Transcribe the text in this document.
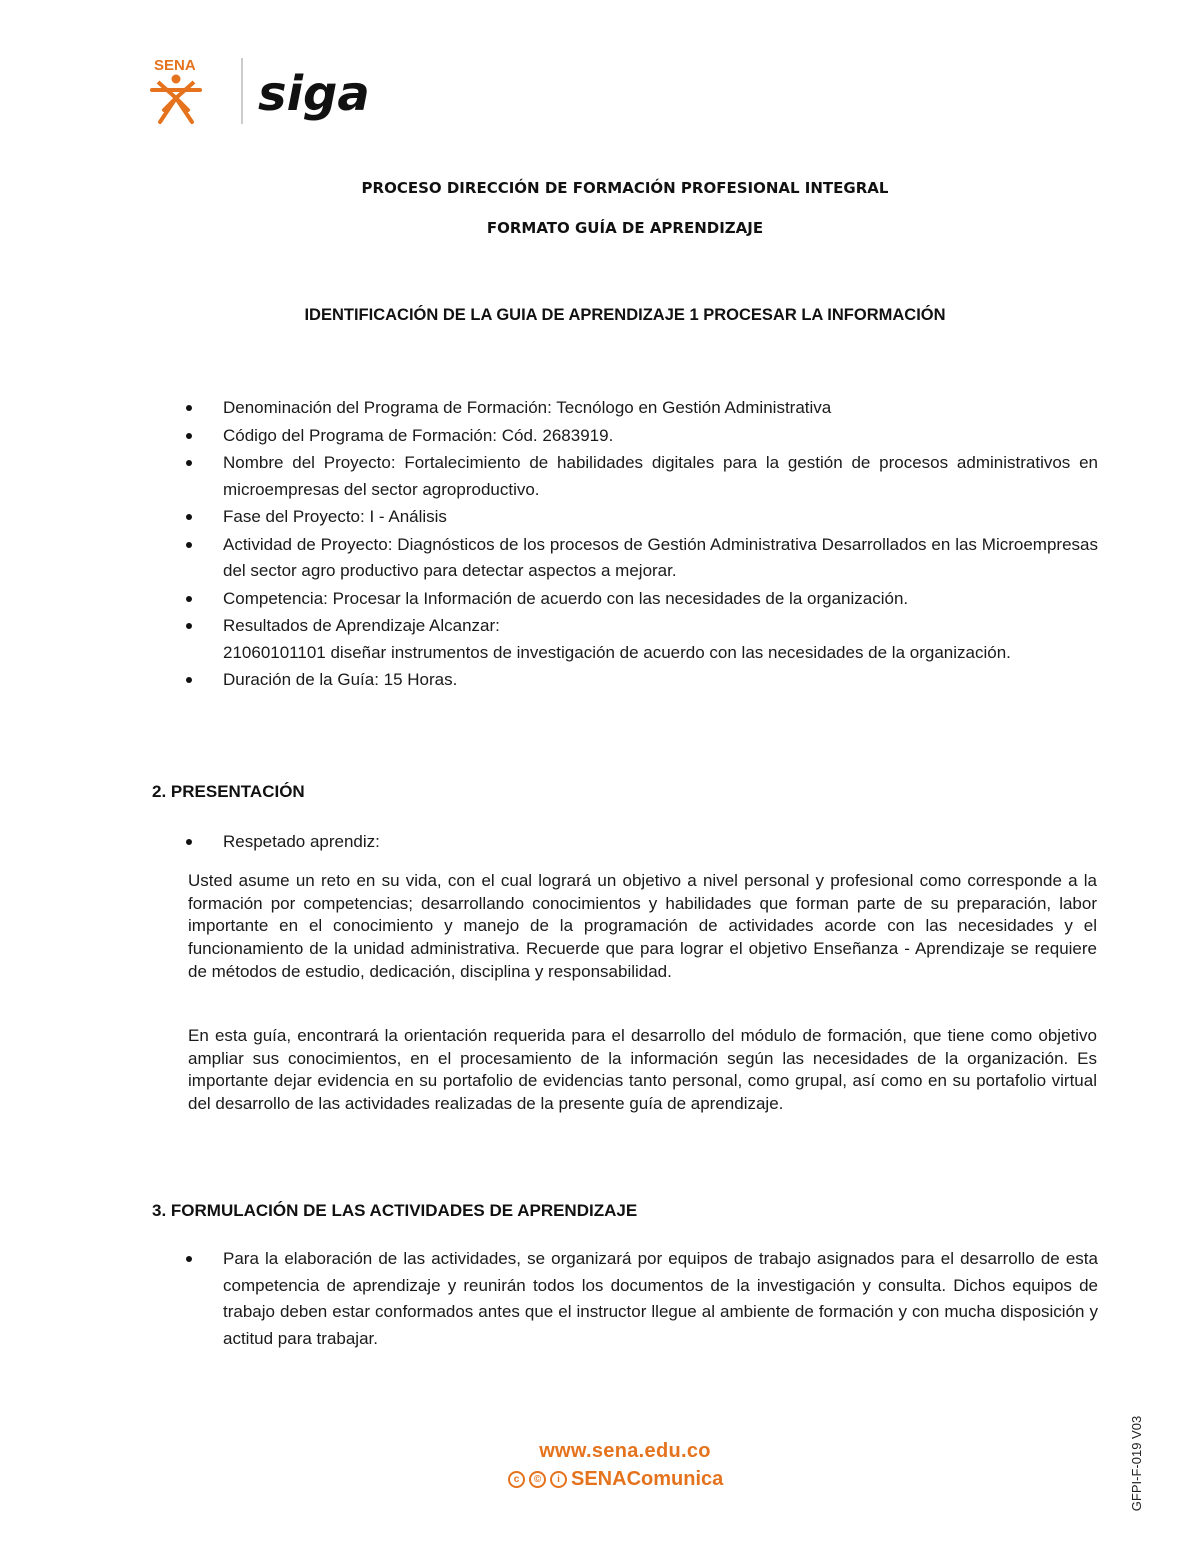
SENA
siga
PROCESO DIRECCIÓN DE FORMACIÓN PROFESIONAL INTEGRAL
FORMATO GUÍA DE APRENDIZAJE
IDENTIFICACIÓN DE LA GUIA DE APRENDIZAJE 1 PROCESAR LA INFORMACIÓN
Denominación del Programa de Formación: Tecnólogo en Gestión Administrativa
Código del Programa de Formación: Cód. 2683919.
Nombre del Proyecto: Fortalecimiento de habilidades digitales para la gestión de procesos administrativos en microempresas del sector agroproductivo.
Fase del Proyecto: I - Análisis
Actividad de Proyecto: Diagnósticos de los procesos de Gestión Administrativa Desarrollados en las Microempresas del sector agro productivo para detectar aspectos a mejorar.
Competencia: Procesar la Información de acuerdo con las necesidades de la organización.
Resultados de Aprendizaje Alcanzar:
21060101101 diseñar instrumentos de investigación de acuerdo con las necesidades de la organización.
Duración de la Guía: 15 Horas.
2. PRESENTACIÓN
Respetado aprendiz:

Usted asume un reto en su vida, con el cual logrará un objetivo a nivel personal y profesional como corresponde a la formación por competencias; desarrollando conocimientos y habilidades que forman parte de su preparación, labor importante en el conocimiento y manejo de la programación de actividades acorde con las necesidades y el funcionamiento de la unidad administrativa. Recuerde que para lograr el objetivo Enseñanza - Aprendizaje se requiere de métodos de estudio, dedicación, disciplina y responsabilidad.

En esta guía, encontrará la orientación requerida para el desarrollo del módulo de formación, que tiene como objetivo ampliar sus conocimientos, en el procesamiento de la información según las necesidades de la organización. Es importante dejar evidencia en su portafolio de evidencias tanto personal, como grupal, así como en su portafolio virtual del desarrollo de las actividades realizadas de la presente guía de aprendizaje.

3. FORMULACIÓN DE LAS ACTIVIDADES DE APRENDIZAJE
Para la elaboración de las actividades, se organizará por equipos de trabajo asignados para el desarrollo de esta competencia de aprendizaje y reunirán todos los documentos de la investigación y consulta. Dichos equipos de trabajo deben estar conformados antes que el instructor llegue al ambiente de formación y con mucha disposición y actitud para trabajar.
www.sena.edu.co
c	©	i SENAComunica	GFPI-F-019 V03
